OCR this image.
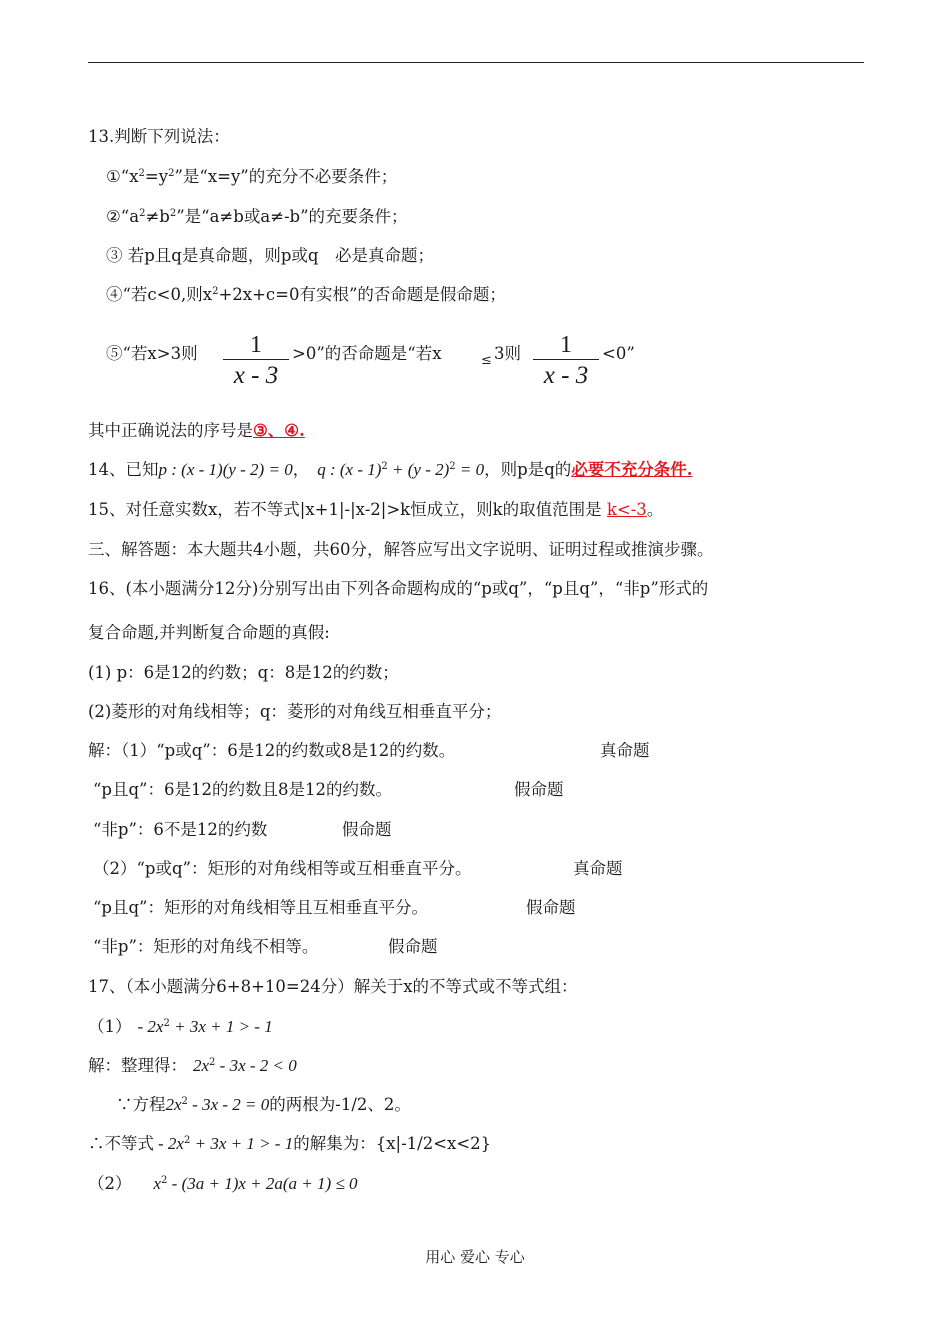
13.判断下列说法：
$①“x^2=y^2$”是“x=y”的充分不必要条件；
$②“a^2\ne b^2$”是“a≠b或a≠-b”的充要条件；
③ 若p且q是真命题，则p或q　必是真命题；
④“若c<0,则$x^2+2x+c=0$有实根”的否命题是假命题；
⑤“若x>3则	1
x - 3
>0”的否命题是“若x	≤ 3则	1
x - 3
<0”
其中正确说法的序号是③、④.
14、已知p : (x - 1)(y - 2) = 0， q : (x - 1)$^2$ + (y - 2)$^2$ = 0，则p是q的必要不充分条件.
15、对任意实数x，若不等式|x+1|-|x-2|>k恒成立，则k的取值范围是 k<-3。
三、解答题：本大题共4小题，共60分，解答应写出文字说明、证明过程或推演步骤。
16、(本小题满分12分)分别写出由下列各命题构成的“p或q”，“p且q”，“非p”形式的
复合命题,并判断复合命题的真假:
(1) p：6是12的约数；q：8是12的约数；
(2)菱形的对角线相等；q：菱形的对角线互相垂直平分；
解：（1）“p或q”：6是12的约数或8是12的约数。	真命题
“p且q”：6是12的约数且8是12的约数。	假命题
“非p”：6不是12的约数	假命题
（2）“p或q”：矩形的对角线相等或互相垂直平分。	真命题
“p且q”：矩形的对角线相等且互相垂直平分。	假命题
“非p”：矩形的对角线不相等。	假命题
17、（本小题满分6+8+10=24分）解关于x的不等式或不等式组：
$(1) - 2x^2 + 3x + 1$ > - 1
解：整理得： $2x^2 - 3x - 2 < 0$
∵方程$2x^2 - 3x - 2 = 0$的两根为-1/2、2。
∴不等式 - $2x^2 + 3x + 1$ > - 1的解集为：{x|-1/2<x<2}
（2） $x^2 - (3a + 1)x + 2a(a + 1) \le 0$
用心 爱心 专心
